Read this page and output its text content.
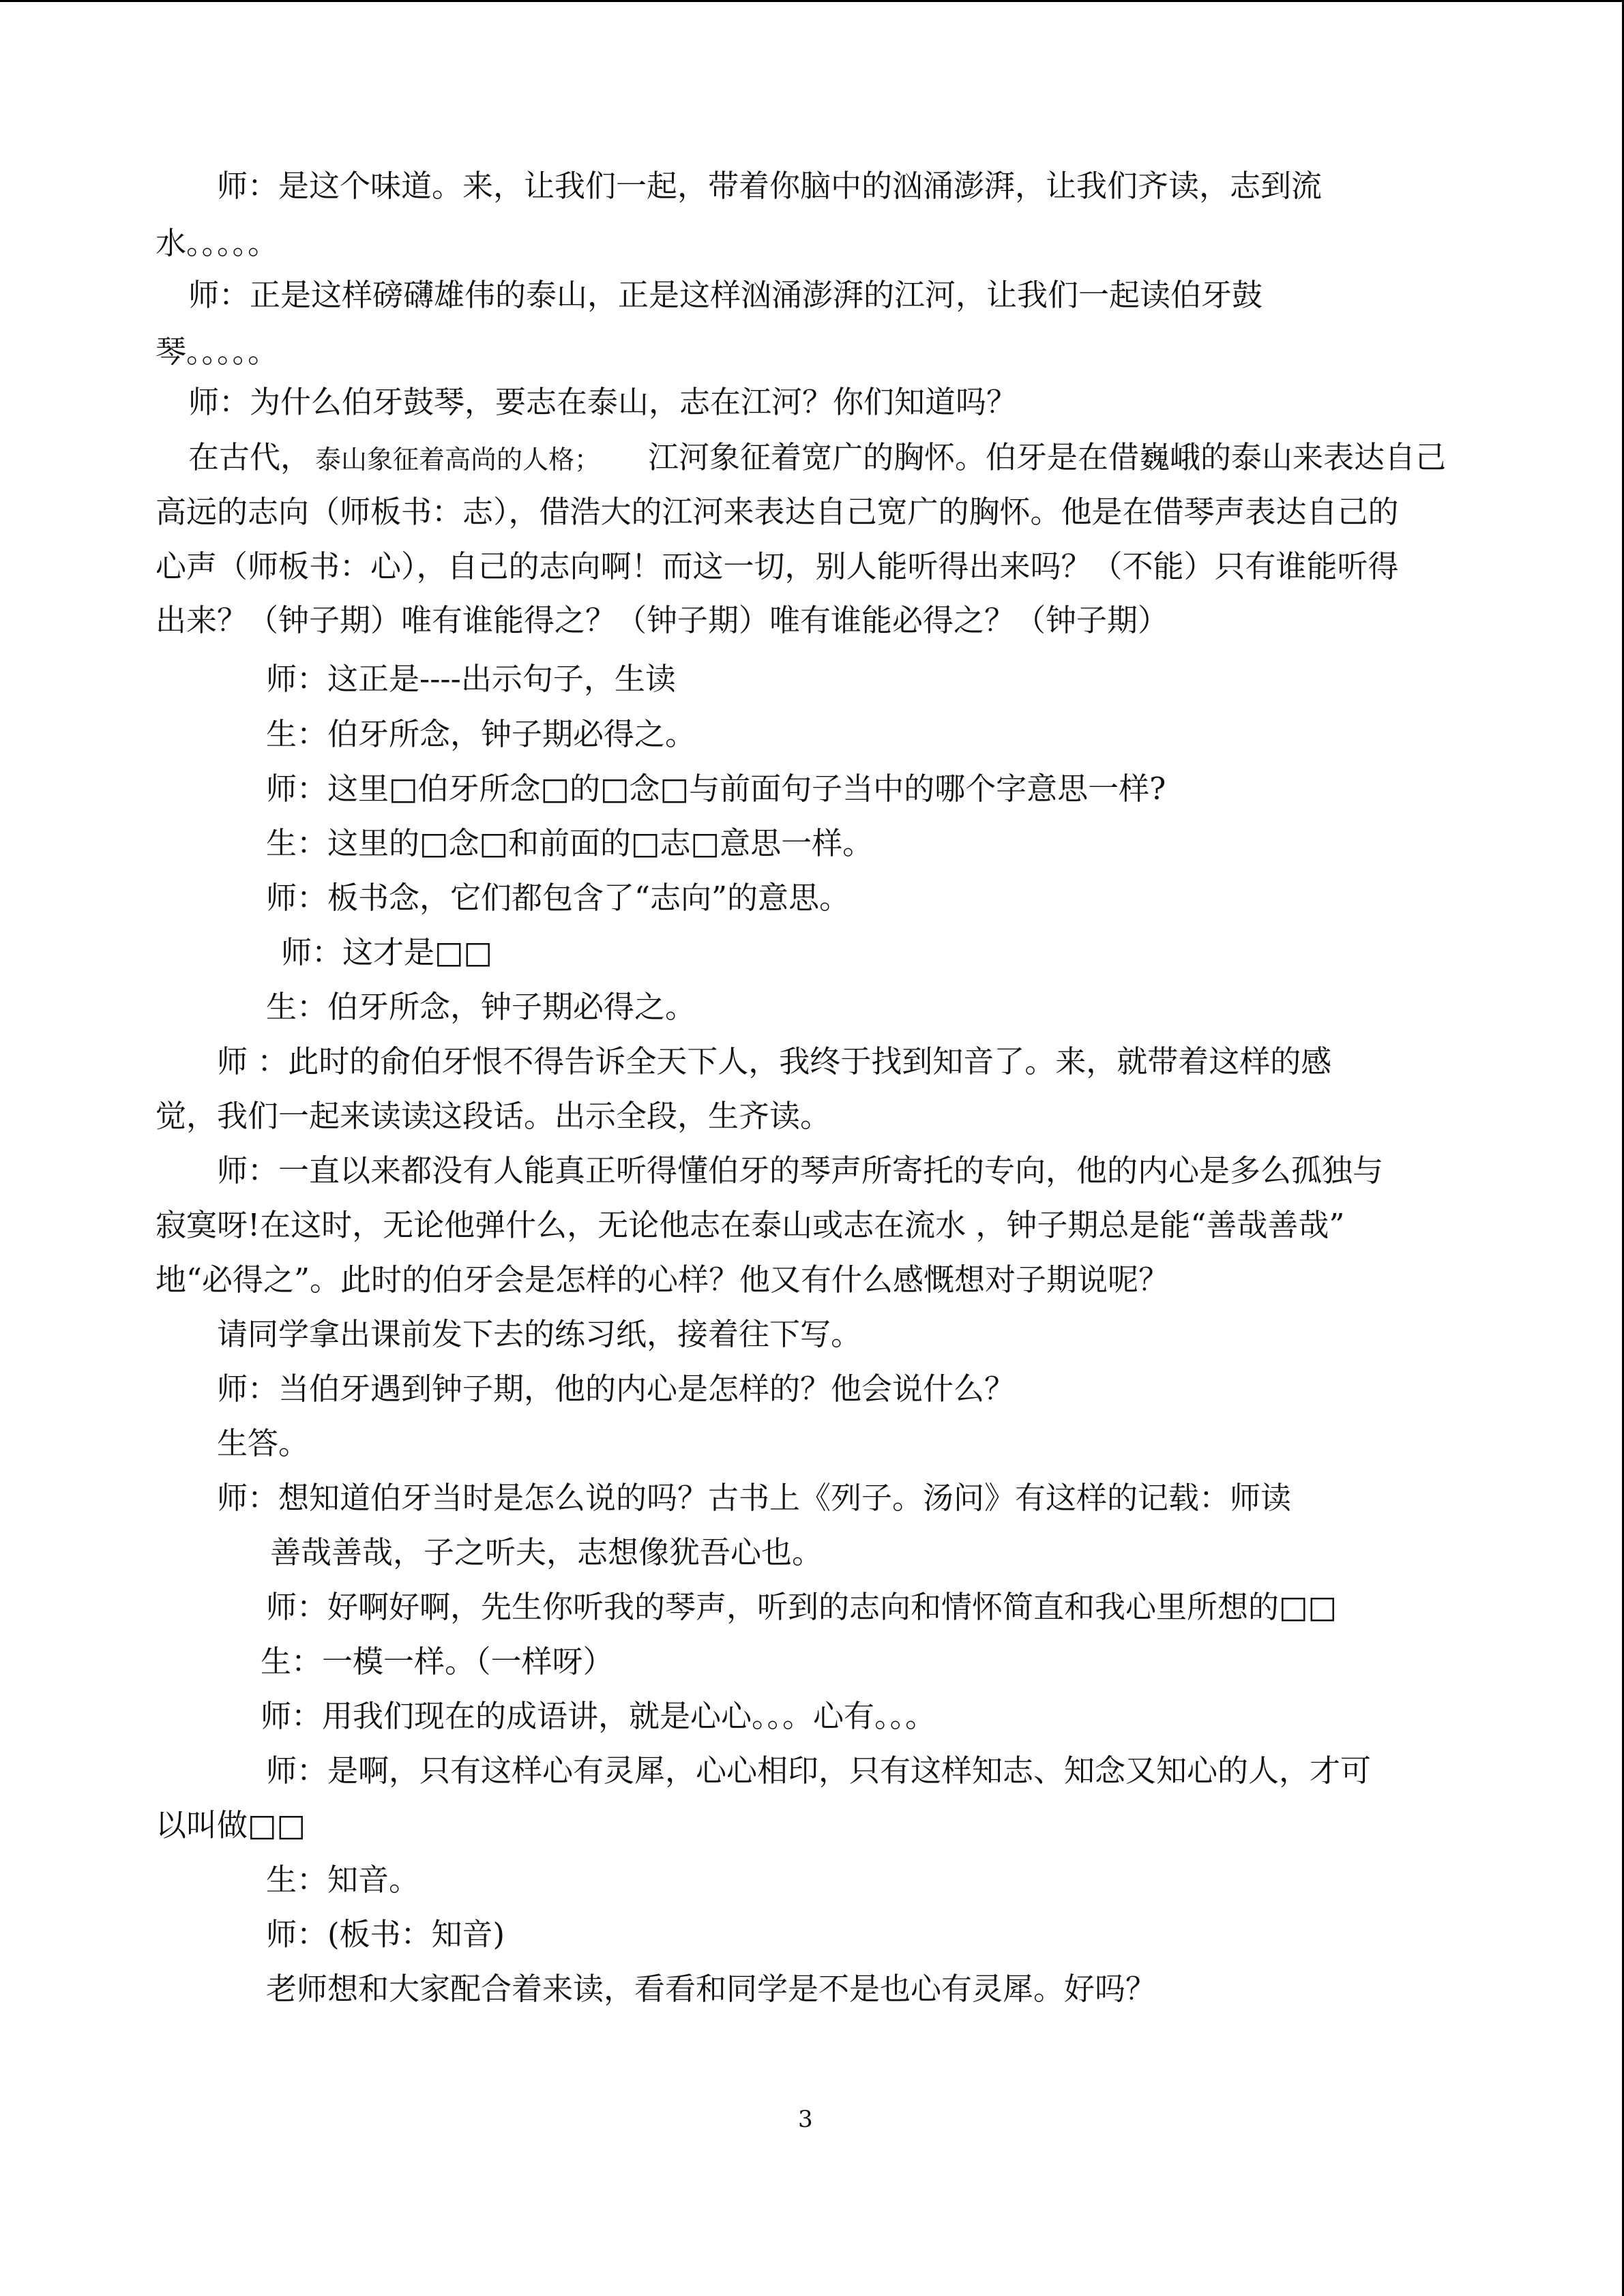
师：是这个味道。来，让我们一起，带着你脑中的汹涌澎湃，让我们齐读，志到流
水。。。。。
师：正是这样磅礴雄伟的泰山，正是这样汹涌澎湃的江河，让我们一起读伯牙鼓
琴。。。。。
师：为什么伯牙鼓琴，要志在泰山，志在江河？你们知道吗？
在古代， 泰山象征着高尚的人格； 江河象征着宽广的胸怀。伯牙是在借巍峨的泰山来表达自己
高远的志向（师板书：志），借浩大的江河来表达自己宽广的胸怀。他是在借琴声表达自己的
心声（师板书：心），自己的志向啊！而这一切，别人能听得出来吗？（不能）只有谁能听得
出来？（钟子期）唯有谁能得之？（钟子期）唯有谁能必得之？（钟子期）
师：这正是----出示句子，生读
生：伯牙所念，钟子期必得之。
师：这里□伯牙所念□的□念□与前面句子当中的哪个字意思一样?
生：这里的□念□和前面的□志□意思一样。
师：板书念，它们都包含了“志向”的意思。
师：这才是□□
生：伯牙所念，钟子期必得之。
师 ：此时的俞伯牙恨不得告诉全天下人，我终于找到知音了。来，就带着这样的感
觉，我们一起来读读这段话。出示全段，生齐读。
师：一直以来都没有人能真正听得懂伯牙的琴声所寄托的专向，他的内心是多么孤独与
寂寞呀!在这时，无论他弹什么，无论他志在泰山或志在流水 ，钟子期总是能“善哉善哉”
地“必得之”。此时的伯牙会是怎样的心样？他又有什么感慨想对子期说呢？
请同学拿出课前发下去的练习纸，接着往下写。
师：当伯牙遇到钟子期，他的内心是怎样的？他会说什么？
生答。
师：想知道伯牙当时是怎么说的吗？古书上《列子。汤问》有这样的记载：师读
善哉善哉，子之听夫，志想像犹吾心也。
师：好啊好啊，先生你听我的琴声，听到的志向和情怀简直和我心里所想的□□
生：一模一样。（一样呀）
师：用我们现在的成语讲，就是心心。。。心有。。。
师：是啊，只有这样心有灵犀，心心相印，只有这样知志、知念又知心的人，才可
以叫做□□
生：知音。
师：(板书：知音)
老师想和大家配合着来读，看看和同学是不是也心有灵犀。好吗？
3
